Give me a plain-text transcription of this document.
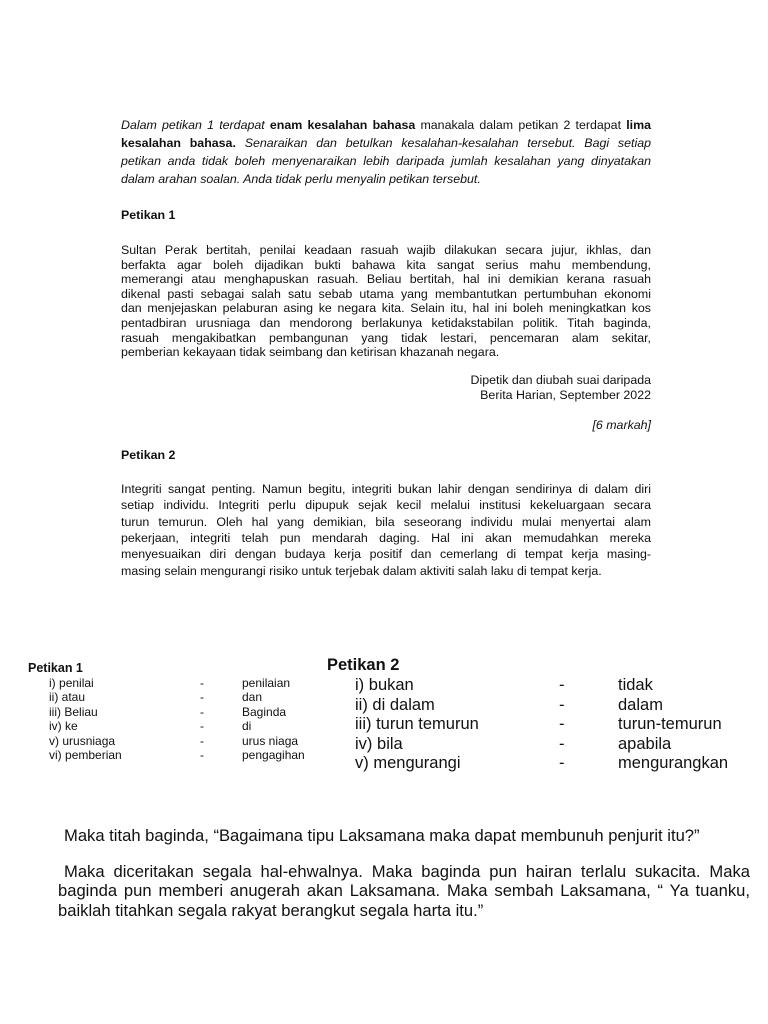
Dalam petikan 1 terdapat enam kesalahan bahasa manakala dalam petikan 2 terdapat lima kesalahan bahasa. Senaraikan dan betulkan kesalahan-kesalahan tersebut. Bagi setiap petikan anda tidak boleh menyenaraikan lebih daripada jumlah kesalahan yang dinyatakan dalam arahan soalan. Anda tidak perlu menyalin petikan tersebut.

Petikan 1

Sultan Perak bertitah, penilai keadaan rasuah wajib dilakukan secara jujur, ikhlas, dan
berfakta agar boleh dijadikan bukti bahawa kita sangat serius mahu membendung,
memerangi atau menghapuskan rasuah. Beliau bertitah, hal ini demikian kerana rasuah
dikenal pasti sebagai salah satu sebab utama yang membantutkan pertumbuhan ekonomi
dan menjejaskan pelaburan asing ke negara kita. Selain itu, hal ini boleh meningkatkan kos
pentadbiran urusniaga dan mendorong berlakunya ketidakstabilan politik. Titah baginda,
rasuah mengakibatkan pembangunan yang tidak lestari, pencemaran alam sekitar,
pemberian kekayaan tidak seimbang dan ketirisan khazanah negara.

Dipetik dan diubah suai daripada

Berita Harian, September 2022

[6 markah]

Petikan 2

Integriti sangat penting. Namun begitu, integriti bukan lahir dengan sendirinya di dalam diri
setiap individu. Integriti perlu dipupuk sejak kecil melalui institusi kekeluargaan secara
turun temurun. Oleh hal yang demikian, bila seseorang individu mulai menyertai alam
pekerjaan, integriti telah pun mendarah daging. Hal ini akan memudahkan mereka
menyesuaikan diri dengan budaya kerja positif dan cemerlang di tempat kerja masing-
masing selain mengurangi risiko untuk terjebak dalam aktiviti salah laku di tempat kerja.

Petikan 1
i) penilai	-	penilaian
ii) atau	-	dan
iii) Beliau	-	Baginda
iv) ke	-	di
v) urusniaga	-	urus niaga
vi) pemberian	-	pengagihan
Petikan 2
i) bukan	-	tidak
ii) di dalam	-	dalam
iii) turun temurun	-	turun-temurun
iv) bila	-	apabila
v) mengurangi	-	mengurangkan

Maka titah baginda, “Bagaimana tipu Laksamana maka dapat membunuh penjurit itu?”

Maka diceritakan segala hal-ehwalnya. Maka baginda pun hairan terlalu sukacita. Maka
baginda pun memberi anugerah akan Laksamana. Maka sembah Laksamana, “ Ya tuanku,
baiklah titahkan segala rakyat berangkut segala harta itu.”
